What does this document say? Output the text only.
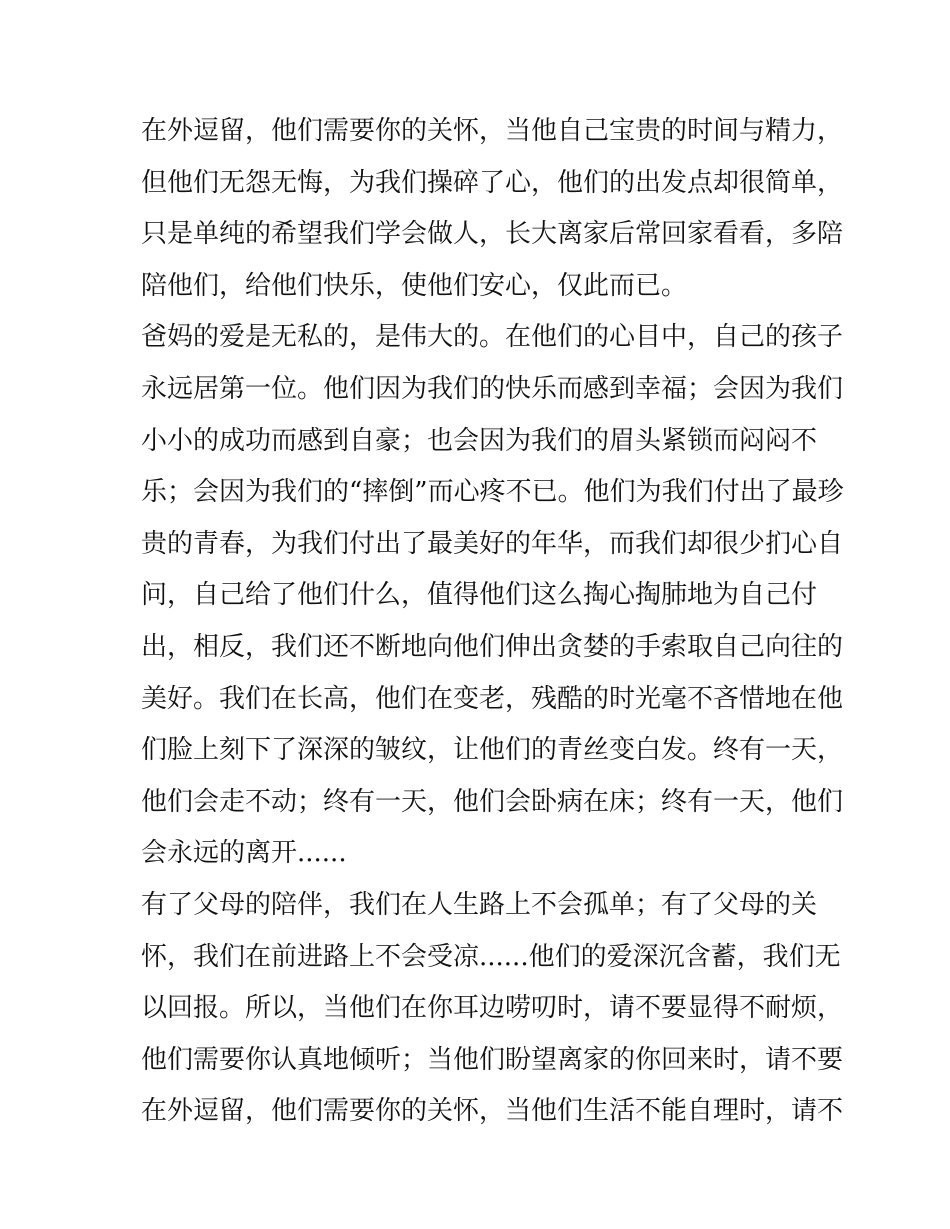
在外逗留，他们需要你的关怀，当他自己宝贵的时间与精力，
但他们无怨无悔，为我们操碎了心，他们的出发点却很简单，
只是单纯的希望我们学会做人，长大离家后常回家看看，多陪
陪他们，给他们快乐，使他们安心，仅此而已。
爸妈的爱是无私的，是伟大的。在他们的心目中，自己的孩子
永远居第一位。他们因为我们的快乐而感到幸福；会因为我们
小小的成功而感到自豪；也会因为我们的眉头紧锁而闷闷不
乐；会因为我们的“摔倒”而心疼不已。他们为我们付出了最珍
贵的青春，为我们付出了最美好的年华，而我们却很少扪心自
问，自己给了他们什么，值得他们这么掏心掏肺地为自己付
出，相反，我们还不断地向他们伸出贪婪的手索取自己向往的
美好。我们在长高，他们在变老，残酷的时光毫不吝惜地在他
们脸上刻下了深深的皱纹，让他们的青丝变白发。终有一天，
他们会走不动；终有一天，他们会卧病在床；终有一天，他们
会永远的离开......
有了父母的陪伴，我们在人生路上不会孤单；有了父母的关
怀，我们在前进路上不会受凉......他们的爱深沉含蓄，我们无
以回报。所以，当他们在你耳边唠叨时，请不要显得不耐烦，
他们需要你认真地倾听；当他们盼望离家的你回来时，请不要
在外逗留，他们需要你的关怀，当他们生活不能自理时，请不
